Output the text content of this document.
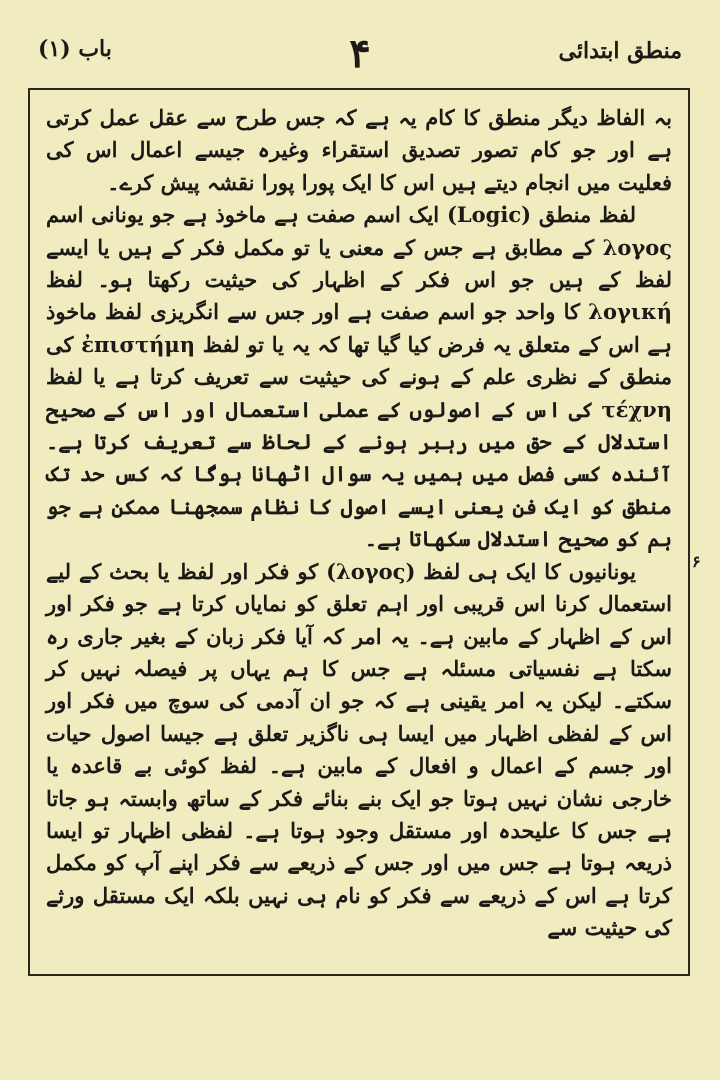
باب (۱)	۴	منطق ابتدائی

بہ الفاظ دیگر منطق کا کام یہ ہے کہ جس طرح سے عقل عمل کرتی ہے اور جو کام تصور تصدیق استقراء وغیرہ جیسے اعمال اس کی فعلیت میں انجام دیتے ہیں اس کا ایک پورا پورا نقشہ پیش کرے۔

لفظ منطق (Logic) ایک اسم صفت ہے ماخوذ ہے جو یونانی اسم λογος کے مطابق ہے جس کے معنی یا تو مکمل فکر کے ہیں یا ایسے لفظ کے ہیں جو اس فکر کے اظہار کی حیثیت رکھتا ہو۔ لفظ λογική کا واحد جو اسم صفت ہے اور جس سے انگریزی لفظ ماخوذ ہے اس کے متعلق یہ فرض کیا گیا تھا کہ یہ یا تو لفظ ἐπιστήμη کی منطق کے نظری علم کے ہونے کی حیثیت سے تعریف کرتا ہے یا لفظ τέχνη کی اس کے اصولوں کے عملی استعمال اور اس کے صحیح استدلال کے حق میں رہبر ہونے کے لحاظ سے تعریف کرتا ہے۔ آئندہ کسی فصل میں ہمیں یہ سوال اٹھانا ہوگا کہ کس حد تک منطق کو ایک فن یعنی ایسے اصول کا نظام سمجھنا ممکن ہے جو ہم کو صحیح استدلال سکھاتا ہے۔

یونانیوں کا ایک ہی لفظ (λογος) کو فکر اور لفظ یا بحث کے لیے استعمال کرنا اس قریبی اور اہم تعلق کو نمایاں کرتا ہے جو فکر اور اس کے اظہار کے مابین ہے۔ یہ امر کہ آیا فکر زبان کے بغیر جاری رہ سکتا ہے نفسیاتی مسئلہ ہے جس کا ہم یہاں پر فیصلہ نہیں کر سکتے۔ لیکن یہ امر یقینی ہے کہ جو ان آدمی کی سوچ میں فکر اور اس کے لفظی اظہار میں ایسا ہی ناگزیر تعلق ہے جیسا اصول حیات اور جسم کے اعمال و افعال کے مابین ہے۔ لفظ کوئی بے قاعدہ یا خارجی نشان نہیں ہوتا جو ایک بنے بنائے فکر کے ساتھ وابستہ ہو جاتا ہے جس کا علیحدہ اور مستقل وجود ہوتا ہے۔ لفظی اظہار تو ایسا ذریعہ ہوتا ہے جس میں اور جس کے ذریعے سے فکر اپنے آپ کو مکمل کرتا ہے اس کے ذریعے سے فکر کو نام ہی نہیں بلکہ ایک مستقل ورثے کی حیثیت سے

۶
